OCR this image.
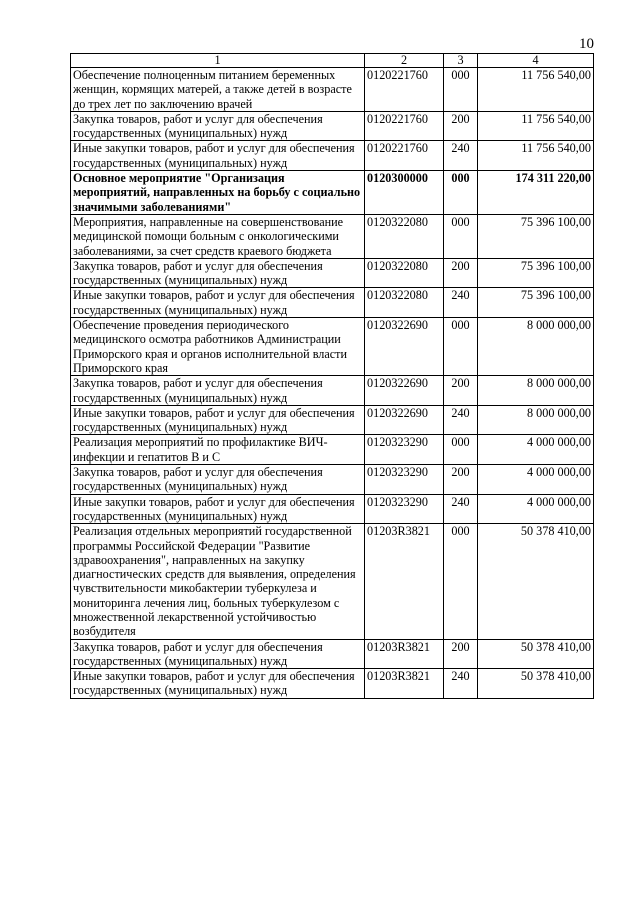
10
1	2	3	4
Обеспечение полноценным питанием беременных женщин, кормящих матерей, а также детей в возрасте до трех лет по заключению врачей	0120221760	000	11 756 540,00
Закупка товаров, работ и услуг для обеспечения государственных (муниципальных) нужд	0120221760	200	11 756 540,00
Иные закупки товаров, работ и услуг для обеспечения государственных (муниципальных) нужд	0120221760	240	11 756 540,00
Основное мероприятие "Организация мероприятий, направленных на борьбу с социально значимыми заболеваниями"	0120300000	000	174 311 220,00
Мероприятия, направленные на совершенствование медицинской помощи больным с онкологическими заболеваниями, за счет средств краевого бюджета	0120322080	000	75 396 100,00
Закупка товаров, работ и услуг для обеспечения государственных (муниципальных) нужд	0120322080	200	75 396 100,00
Иные закупки товаров, работ и услуг для обеспечения государственных (муниципальных) нужд	0120322080	240	75 396 100,00
Обеспечение проведения периодического медицинского осмотра работников Администрации Приморского края и органов исполнительной власти Приморского края	0120322690	000	8 000 000,00
Закупка товаров, работ и услуг для обеспечения государственных (муниципальных) нужд	0120322690	200	8 000 000,00
Иные закупки товаров, работ и услуг для обеспечения государственных (муниципальных) нужд	0120322690	240	8 000 000,00
Реализация мероприятий по профилактике ВИЧ-инфекции и гепатитов В и С	0120323290	000	4 000 000,00
Закупка товаров, работ и услуг для обеспечения государственных (муниципальных) нужд	0120323290	200	4 000 000,00
Иные закупки товаров, работ и услуг для обеспечения государственных (муниципальных) нужд	0120323290	240	4 000 000,00
Реализация отдельных мероприятий государственной программы Российской Федерации "Развитие здравоохранения", направленных на закупку диагностических средств для выявления, определения чувствительности микобактерии туберкулеза и мониторинга лечения лиц, больных туберкулезом с множественной лекарственной устойчивостью возбудителя	01203R3821	000	50 378 410,00
Закупка товаров, работ и услуг для обеспечения государственных (муниципальных) нужд	01203R3821	200	50 378 410,00
Иные закупки товаров, работ и услуг для обеспечения государственных (муниципальных) нужд	01203R3821	240	50 378 410,00
